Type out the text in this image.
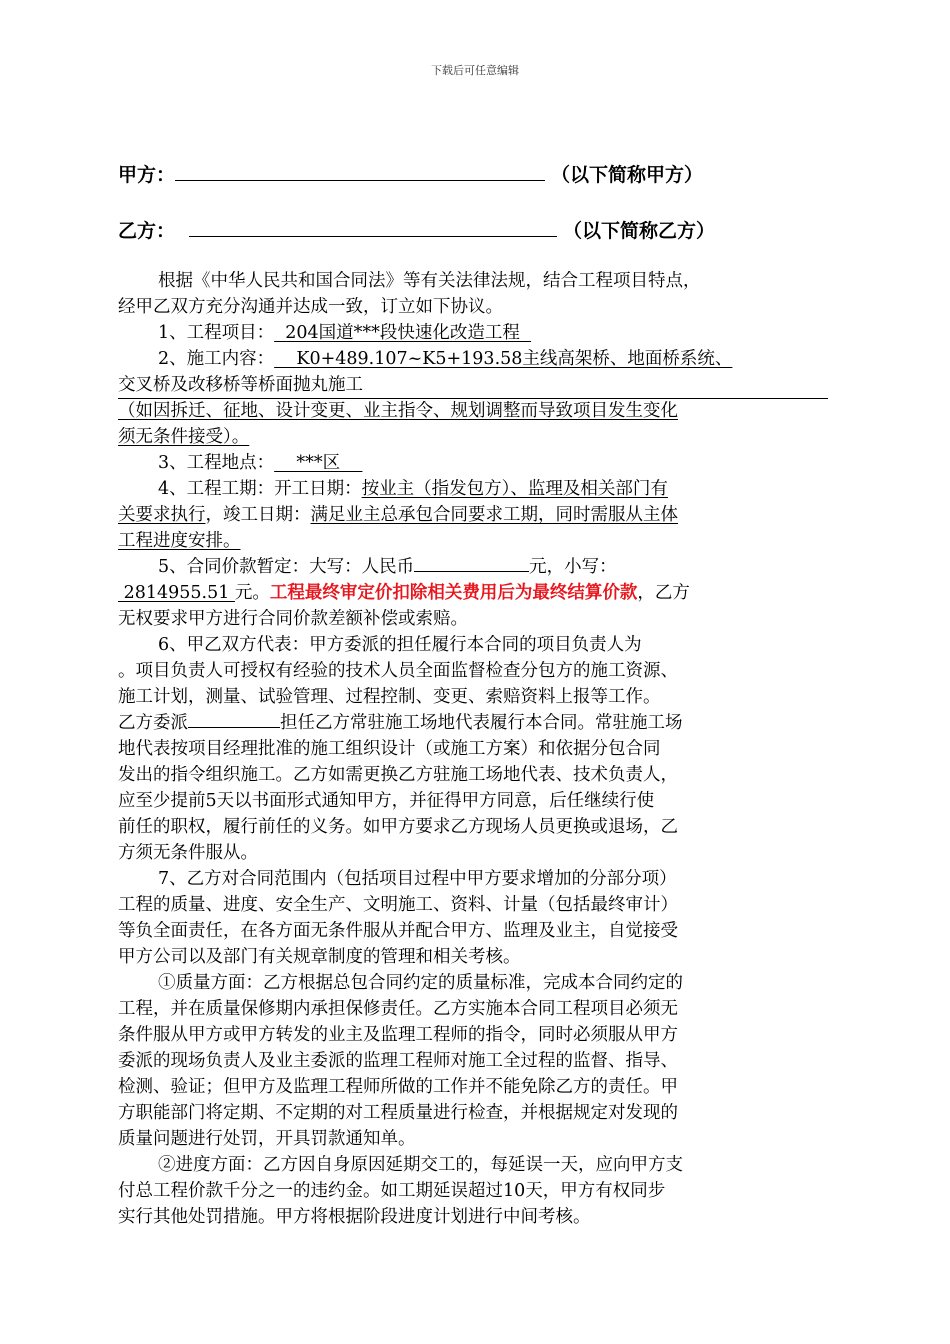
下载后可任意编辑
甲方：	（以下简称甲方）
乙方：	（以下简称乙方）
根据《中华人民共和国合同法》等有关法律法规，结合工程项目特点，
经甲乙双方充分沟通并达成一致，订立如下协议。
1、工程项目：  204国道***段快速化改造工程
2、施工内容：    K0+489.107~K5+193.58主线高架桥、地面桥系统、
交叉桥及改移桥等桥面抛丸施工
（如因拆迁、征地、设计变更、业主指令、规划调整而导致项目发生变化
须无条件接受）。
3、工程地点：    ***区
4、工程工期：开工日期：按业主（指发包方）、监理及相关部门有
关要求执行，竣工日期：满足业主总承包合同要求工期，同时需服从主体
工程进度安排。
5、合同价款暂定：大写：人民币	元，小写：
2814955.51 元。工程最终审定价扣除相关费用后为最终结算价款，乙方
无权要求甲方进行合同价款差额补偿或索赔。
6、甲乙双方代表：甲方委派的担任履行本合同的项目负责人为
。项目负责人可授权有经验的技术人员全面监督检查分包方的施工资源、
施工计划，测量、试验管理、过程控制、变更、索赔资料上报等工作。
乙方委派	担任乙方常驻施工场地代表履行本合同。常驻施工场
地代表按项目经理批准的施工组织设计（或施工方案）和依据分包合同
发出的指令组织施工。乙方如需更换乙方驻施工场地代表、技术负责人，
应至少提前5天以书面形式通知甲方，并征得甲方同意，后任继续行使
前任的职权，履行前任的义务。如甲方要求乙方现场人员更换或退场，乙
方须无条件服从。
7、乙方对合同范围内（包括项目过程中甲方要求增加的分部分项）
工程的质量、进度、安全生产、文明施工、资料、计量（包括最终审计）
等负全面责任，在各方面无条件服从并配合甲方、监理及业主，自觉接受
甲方公司以及部门有关规章制度的管理和相关考核。
①质量方面：乙方根据总包合同约定的质量标准，完成本合同约定的
工程，并在质量保修期内承担保修责任。乙方实施本合同工程项目必须无
条件服从甲方或甲方转发的业主及监理工程师的指令，同时必须服从甲方
委派的现场负责人及业主委派的监理工程师对施工全过程的监督、指导、
检测、验证；但甲方及监理工程师所做的工作并不能免除乙方的责任。甲
方职能部门将定期、不定期的对工程质量进行检查，并根据规定对发现的
质量问题进行处罚，开具罚款通知单。
②进度方面：乙方因自身原因延期交工的，每延误一天，应向甲方支
付总工程价款千分之一的违约金。如工期延误超过10天，甲方有权同步
实行其他处罚措施。甲方将根据阶段进度计划进行中间考核。
